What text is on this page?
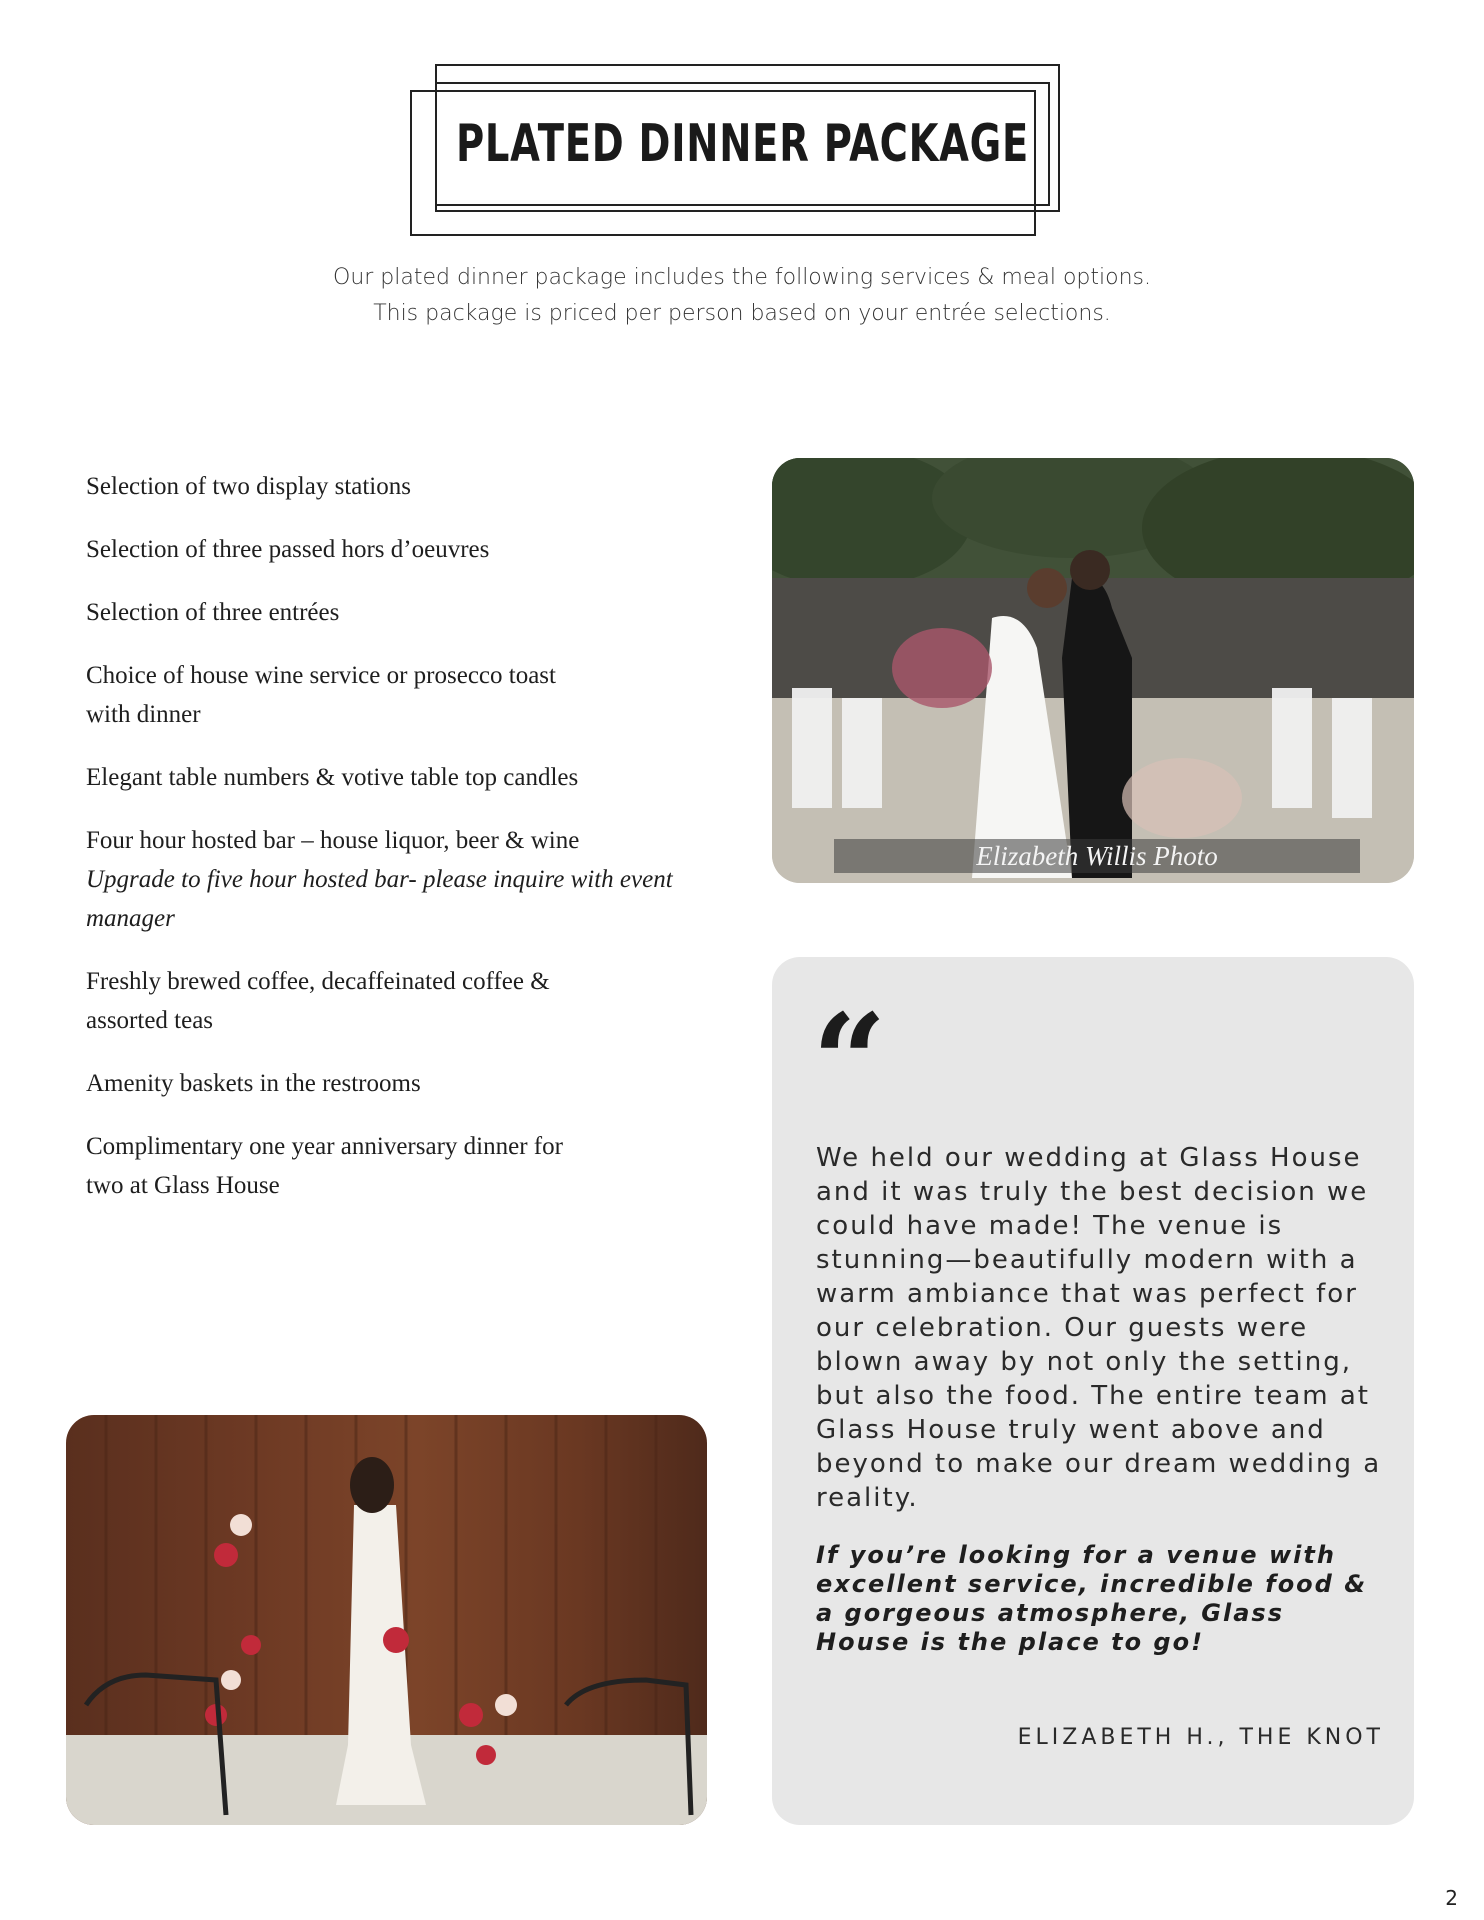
PLATED DINNER PACKAGE

Our plated dinner package includes the following services & meal options.

This package is priced per person based on your entrée selections.

Selection of two display stations
Selection of three passed hors d’oeuvres
Selection of three entrées
Choice of house wine service or prosecco toast with dinner
Elegant table numbers & votive table top candles
Four hour hosted bar – house liquor, beer & wine
Upgrade to five hour hosted bar- please inquire with event manager
Freshly brewed coffee, decaffeinated coffee & assorted teas
Amenity baskets in the restrooms
Complimentary one year anniversary dinner for two at Glass House
Elizabeth Willis Photo
“

We held our wedding at Glass House and it was truly the best decision we could have made! The venue is stunning—beautifully modern with a warm ambiance that was perfect for our celebration. Our guests were blown away by not only the setting, but also the food. The entire team at Glass House truly went above and beyond to make our dream wedding a reality.

If you’re looking for a venue with excellent service, incredible food & a gorgeous atmosphere, Glass House is the place to go!

ELIZABETH H., THE KNOT
2
